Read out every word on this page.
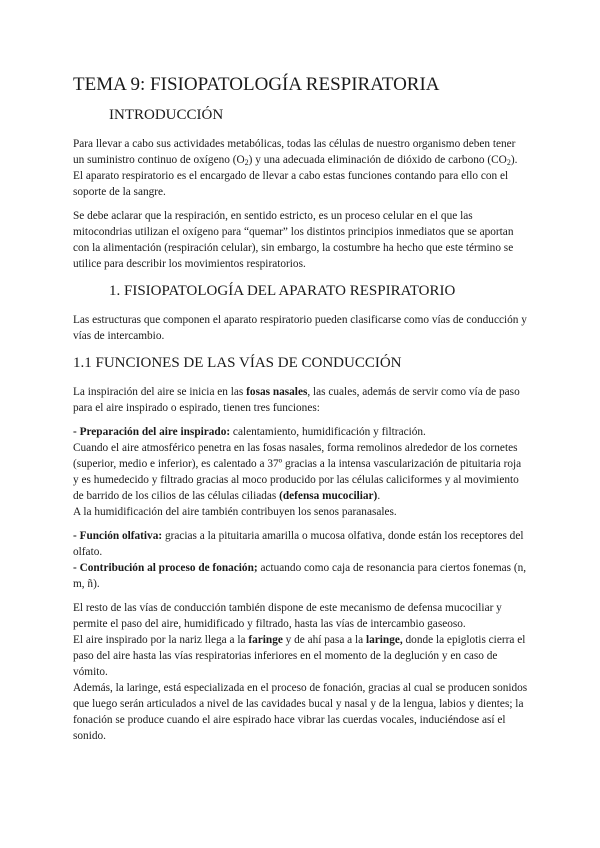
TEMA 9: FISIOPATOLOGÍA RESPIRATORIA
INTRODUCCIÓN

Para llevar a cabo sus actividades metabólicas, todas las células de nuestro organismo deben tener un suministro continuo de oxígeno $(O_2)$ y una adecuada eliminación de dióxido de carbono $(CO_2)$.

El aparato respiratorio es el encargado de llevar a cabo estas funciones contando para ello con el soporte de la sangre.

Se debe aclarar que la respiración, en sentido estricto, es un proceso celular en el que las mitocondrias utilizan el oxígeno para “quemar” los distintos principios inmediatos que se aportan con la alimentación (respiración celular), sin embargo, la costumbre ha hecho que este término se utilice para describir los movimientos respiratorios.

1. FISIOPATOLOGÍA DEL APARATO RESPIRATORIO

Las estructuras que componen el aparato respiratorio pueden clasificarse como vías de conducción y vías de intercambio.

1.1 FUNCIONES DE LAS VÍAS DE CONDUCCIÓN

La inspiración del aire se inicia en las fosas nasales, las cuales, además de servir como vía de paso para el aire inspirado o espirado, tienen tres funciones:

- Preparación del aire inspirado: calentamiento, humidificación y filtración.

Cuando el aire atmosférico penetra en las fosas nasales, forma remolinos alrededor de los cornetes (superior, medio e inferior), es calentado a 37º gracias a la intensa vascularización de pituitaria roja y es humedecido y filtrado gracias al moco producido por las células caliciformes y al movimiento de barrido de los cilios de las células ciliadas (defensa mucociliar).

A la humidificación del aire también contribuyen los senos paranasales.

- Función olfativa: gracias a la pituitaria amarilla o mucosa olfativa, donde están los receptores del olfato.

- Contribución al proceso de fonación; actuando como caja de resonancia para ciertos fonemas (n, m, ñ).

El resto de las vías de conducción también dispone de este mecanismo de defensa mucociliar y permite el paso del aire, humidificado y filtrado, hasta las vías de intercambio gaseoso.

El aire inspirado por la nariz llega a la faringe y de ahí pasa a la laringe, donde la epiglotis cierra el paso del aire hasta las vías respiratorias inferiores en el momento de la deglución y en caso de vómito.

Además, la laringe, está especializada en el proceso de fonación, gracias al cual se producen sonidos que luego serán articulados a nivel de las cavidades bucal y nasal y de la lengua, labios y dientes; la fonación se produce cuando el aire espirado hace vibrar las cuerdas vocales, induciéndose así el sonido.
